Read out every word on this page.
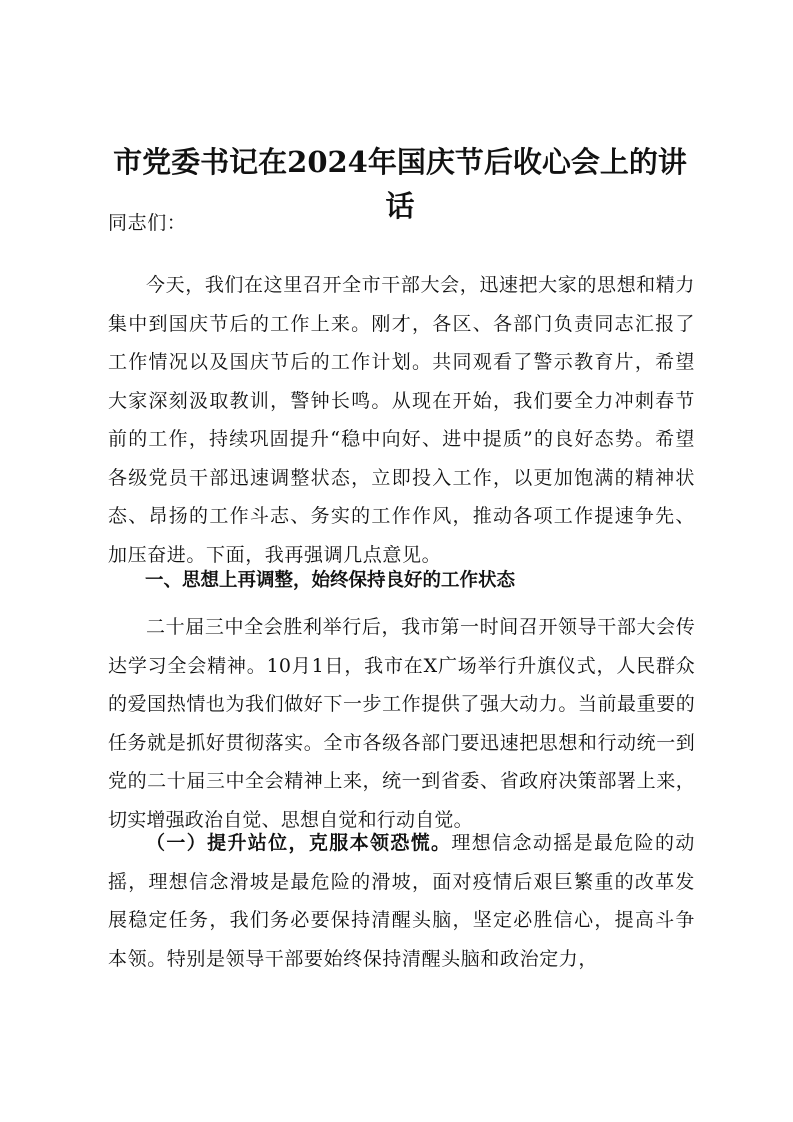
市党委书记在2024年国庆节后收心会上的讲话

同志们：

今天，我们在这里召开全市干部大会，迅速把大家的思想和精力集中到国庆节后的工作上来。刚才，各区、各部门负责同志汇报了工作情况以及国庆节后的工作计划。共同观看了警示教育片，希望大家深刻汲取教训，警钟长鸣。从现在开始，我们要全力冲刺春节前的工作，持续巩固提升“稳中向好、进中提质”的良好态势。希望各级党员干部迅速调整状态，立即投入工作，以更加饱满的精神状态、昂扬的工作斗志、务实的工作作风，推动各项工作提速争先、加压奋进。下面，我再强调几点意见。

一、思想上再调整，始终保持良好的工作状态

二十届三中全会胜利举行后，我市第一时间召开领导干部大会传达学习全会精神。10月1日，我市在X广场举行升旗仪式，人民群众的爱国热情也为我们做好下一步工作提供了强大动力。当前最重要的任务就是抓好贯彻落实。全市各级各部门要迅速把思想和行动统一到党的二十届三中全会精神上来，统一到省委、省政府决策部署上来，切实增强政治自觉、思想自觉和行动自觉。

（一）提升站位，克服本领恐慌。理想信念动摇是最危险的动摇，理想信念滑坡是最危险的滑坡，面对疫情后艰巨繁重的改革发展稳定任务，我们务必要保持清醒头脑，坚定必胜信心，提高斗争本领。特别是领导干部要始终保持清醒头脑和政治定力，
